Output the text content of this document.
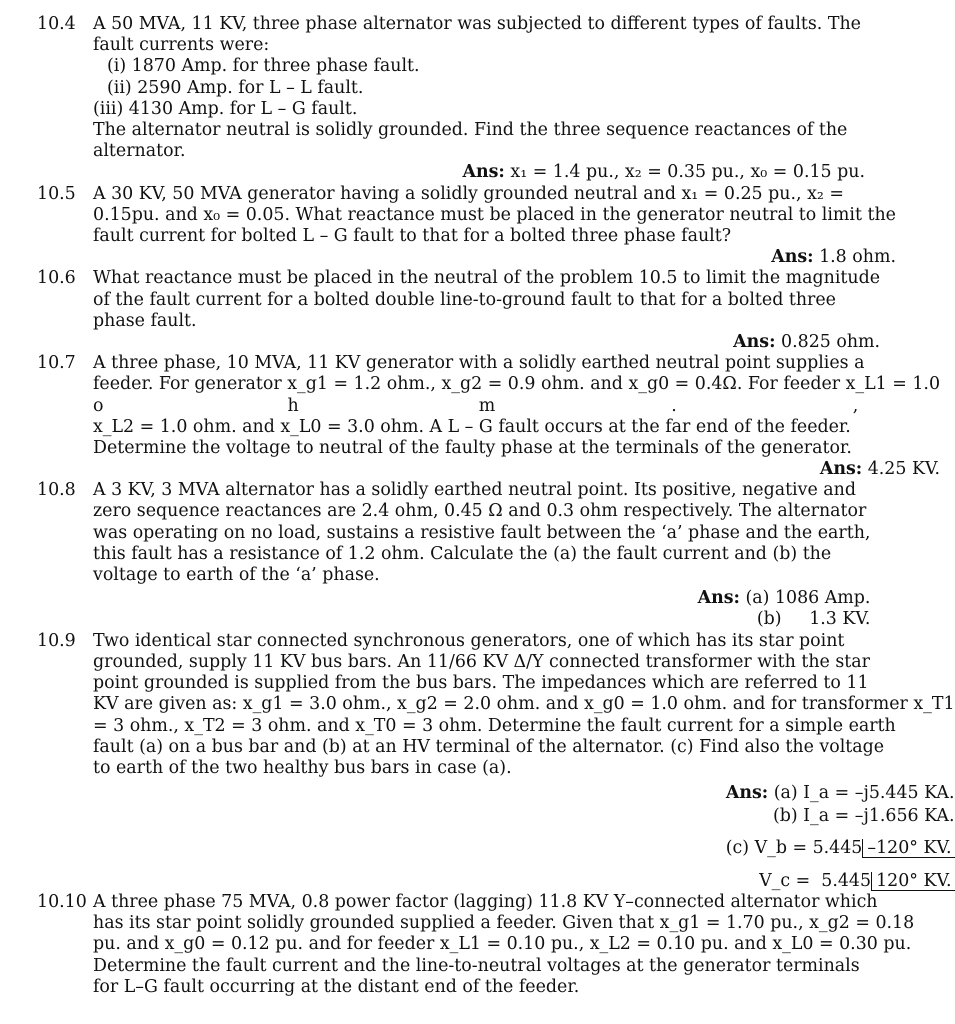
10.4 A 50 MVA, 11 KV, three phase alternator was subjected to different types of faults. The
fault currents were:
(i) 1870 Amp. for three phase fault.
(ii) 2590 Amp. for L – L fault.
(iii) 4130 Amp. for L – G fault.
The alternator neutral is solidly grounded. Find the three sequence reactances of the
alternator.
Ans: x₁ = 1.4 pu., x₂ = 0.35 pu., x₀ = 0.15 pu.
10.5 A 30 KV, 50 MVA generator having a solidly grounded neutral and x₁ = 0.25 pu., x₂ =
0.15pu. and x₀ = 0.05. What reactance must be placed in the generator neutral to limit the
fault current for bolted L – G fault to that for a bolted three phase fault?
Ans: 1.8 ohm.
10.6 What reactance must be placed in the neutral of the problem 10.5 to limit the magnitude
of the fault current for a bolted double line-to-ground fault to that for a bolted three
phase fault.
Ans: 0.825 ohm.
10.7 A three phase, 10 MVA, 11 KV generator with a solidly earthed neutral point supplies a
feeder. For generator x_g1 = 1.2 ohm., x_g2 = 0.9 ohm. and x_g0 = 0.4Ω. For feeder x_L1 = 1.0
o	h	m	.	,
x_L2 = 1.0 ohm. and x_L0 = 3.0 ohm. A L – G fault occurs at the far end of the feeder.
Determine the voltage to neutral of the faulty phase at the terminals of the generator.
Ans: 4.25 KV.
10.8 A 3 KV, 3 MVA alternator has a solidly earthed neutral point. Its positive, negative and
zero sequence reactances are 2.4 ohm, 0.45 Ω and 0.3 ohm respectively. The alternator
was operating on no load, sustains a resistive fault between the ‘a’ phase and the earth,
this fault has a resistance of 1.2 ohm. Calculate the (a) the fault current and (b) the
voltage to earth of the ‘a’ phase.
Ans: (a) 1086 Amp.
(b)     1.3 KV.
10.9 Two identical star connected synchronous generators, one of which has its star point
grounded, supply 11 KV bus bars. An 11/66 KV Δ/Y connected transformer with the star
point grounded is supplied from the bus bars. The impedances which are referred to 11
KV are given as: x_g1 = 3.0 ohm., x_g2 = 2.0 ohm. and x_g0 = 1.0 ohm. and for transformer x_T1
= 3 ohm., x_T2 = 3 ohm. and x_T0 = 3 ohm. Determine the fault current for a simple earth
fault (a) on a bus bar and (b) at an HV terminal of the alternator. (c) Find also the voltage
to earth of the two healthy bus bars in case (a).
Ans: (a) I_a = –j5.445 KA.
(b) I_a = –j1.656 KA.
(c) V_b = 5.445 –120° KV.
V_c =  5.445 120° KV.
10.10 A three phase 75 MVA, 0.8 power factor (lagging) 11.8 KV Y–connected alternator which
has its star point solidly grounded supplied a feeder. Given that x_g1 = 1.70 pu., x_g2 = 0.18
pu. and x_g0 = 0.12 pu. and for feeder x_L1 = 0.10 pu., x_L2 = 0.10 pu. and x_L0 = 0.30 pu.
Determine the fault current and the line-to-neutral voltages at the generator terminals
for L–G fault occurring at the distant end of the feeder.
